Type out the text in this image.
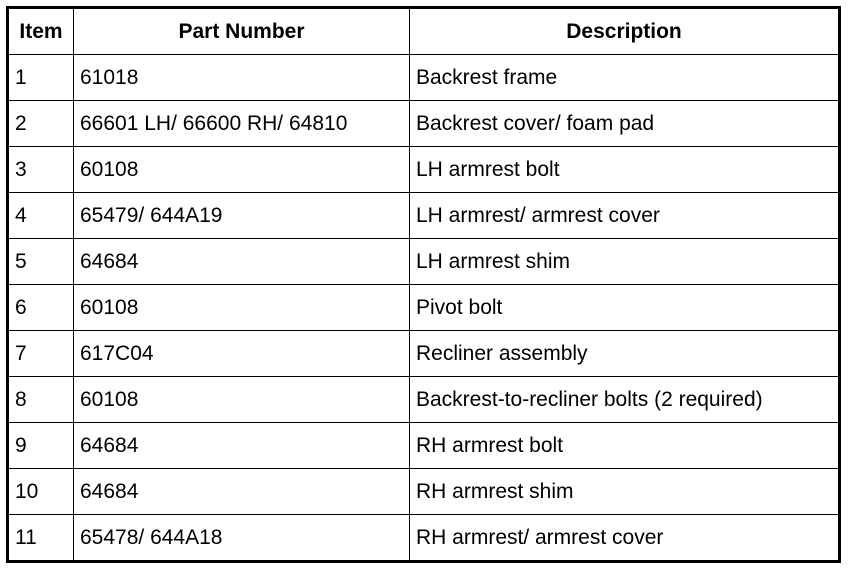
Item	Part Number	Description
1	61018	Backrest frame
2	66601 LH/ 66600 RH/ 64810	Backrest cover/ foam pad
3	60108	LH armrest bolt
4	65479/ 644A19	LH armrest/ armrest cover
5	64684	LH armrest shim
6	60108	Pivot bolt
7	617C04	Recliner assembly
8	60108	Backrest-to-recliner bolts (2 required)
9	64684	RH armrest bolt
10	64684	RH armrest shim
11	65478/ 644A18	RH armrest/ armrest cover
